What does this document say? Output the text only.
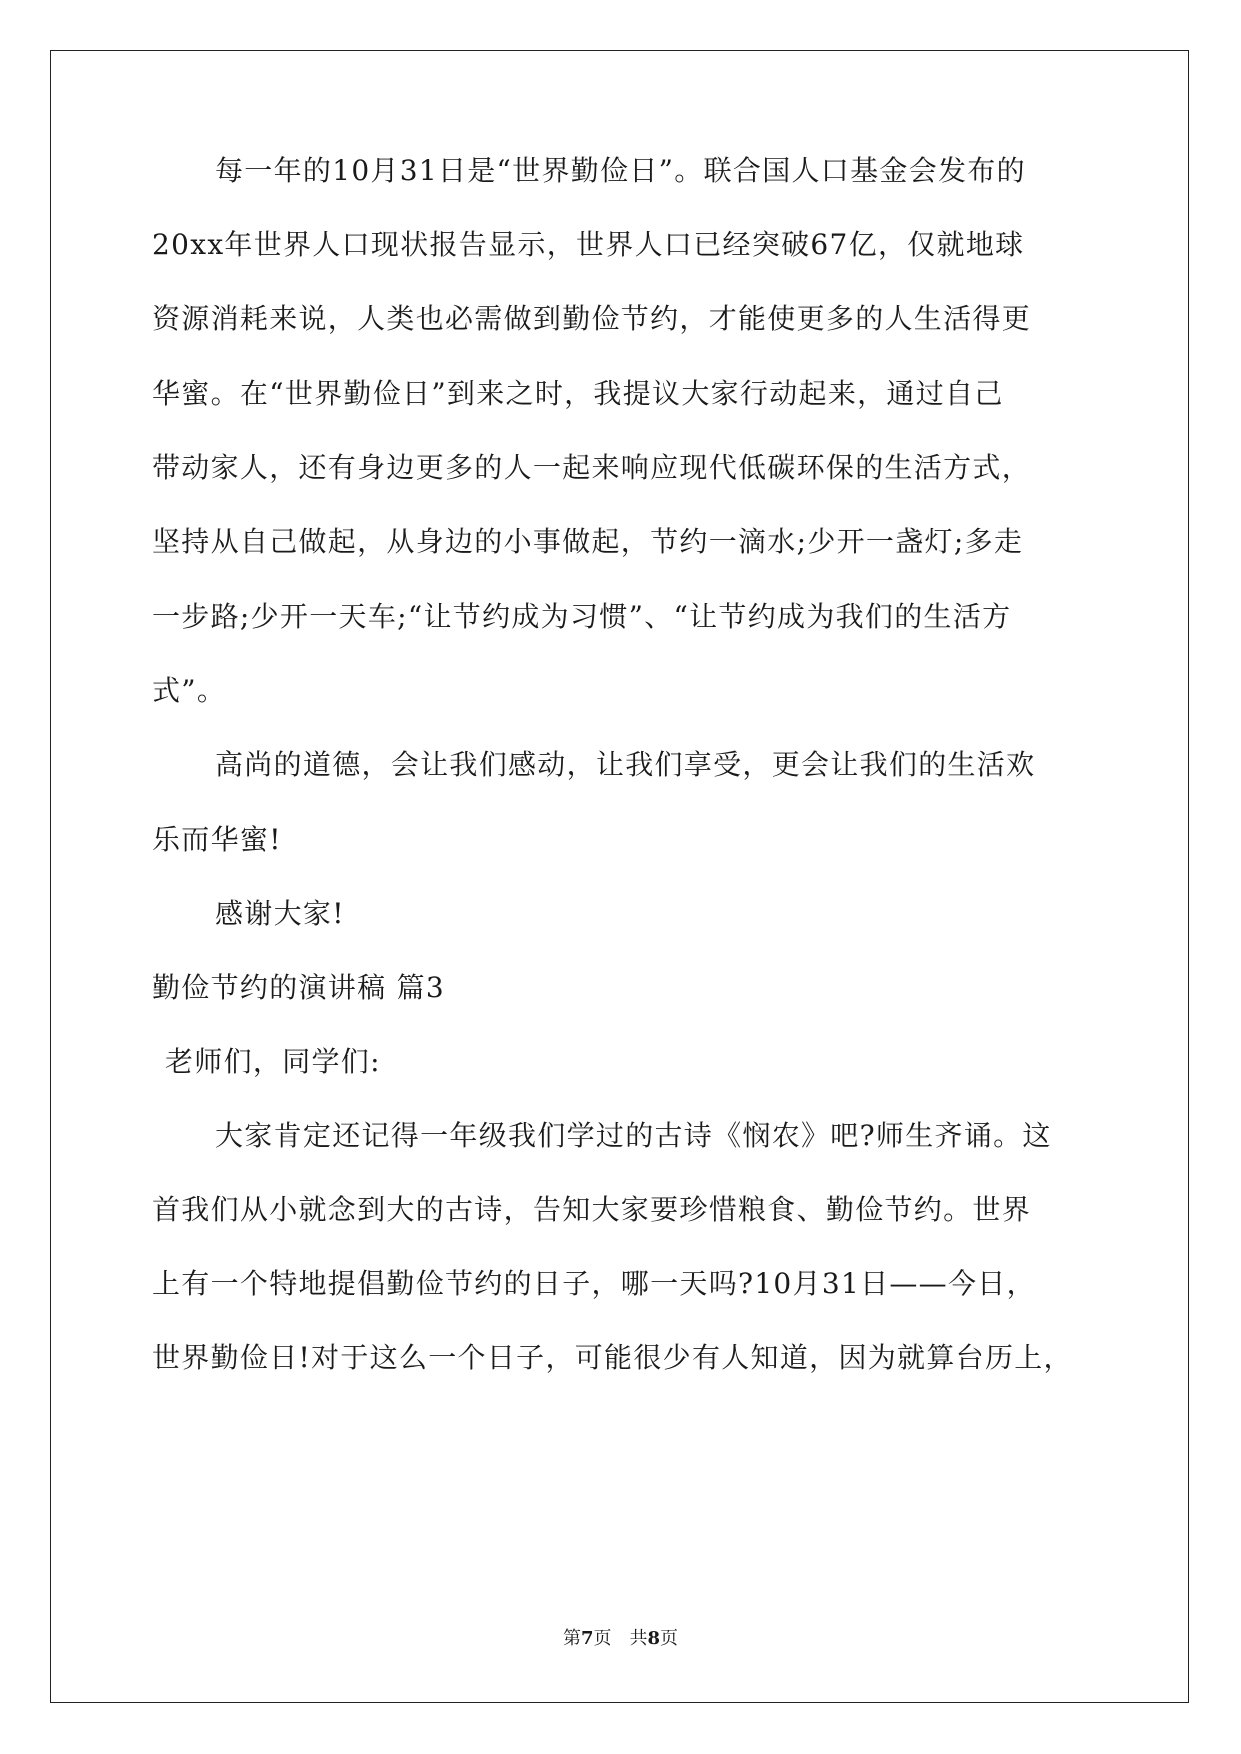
每一年的10月31日是“世界勤俭日”。联合国人口基金会发布的
20xx年世界人口现状报告显示，世界人口已经突破67亿，仅就地球
资源消耗来说，人类也必需做到勤俭节约，才能使更多的人生活得更
华蜜。在“世界勤俭日”到来之时，我提议大家行动起来，通过自己
带动家人，还有身边更多的人一起来响应现代低碳环保的生活方式，
坚持从自己做起，从身边的小事做起，节约一滴水;少开一盏灯;多走
一步路;少开一天车;“让节约成为习惯”、“让节约成为我们的生活方
式”。
高尚的道德，会让我们感动，让我们享受，更会让我们的生活欢
乐而华蜜!
感谢大家!
勤俭节约的演讲稿 篇3
老师们，同学们:
大家肯定还记得一年级我们学过的古诗《悯农》吧?师生齐诵。这
首我们从小就念到大的古诗，告知大家要珍惜粮食、勤俭节约。世界
上有一个特地提倡勤俭节约的日子，哪一天吗?10月31日——今日，
世界勤俭日!对于这么一个日子，可能很少有人知道，因为就算台历上，
第7页　共8页
